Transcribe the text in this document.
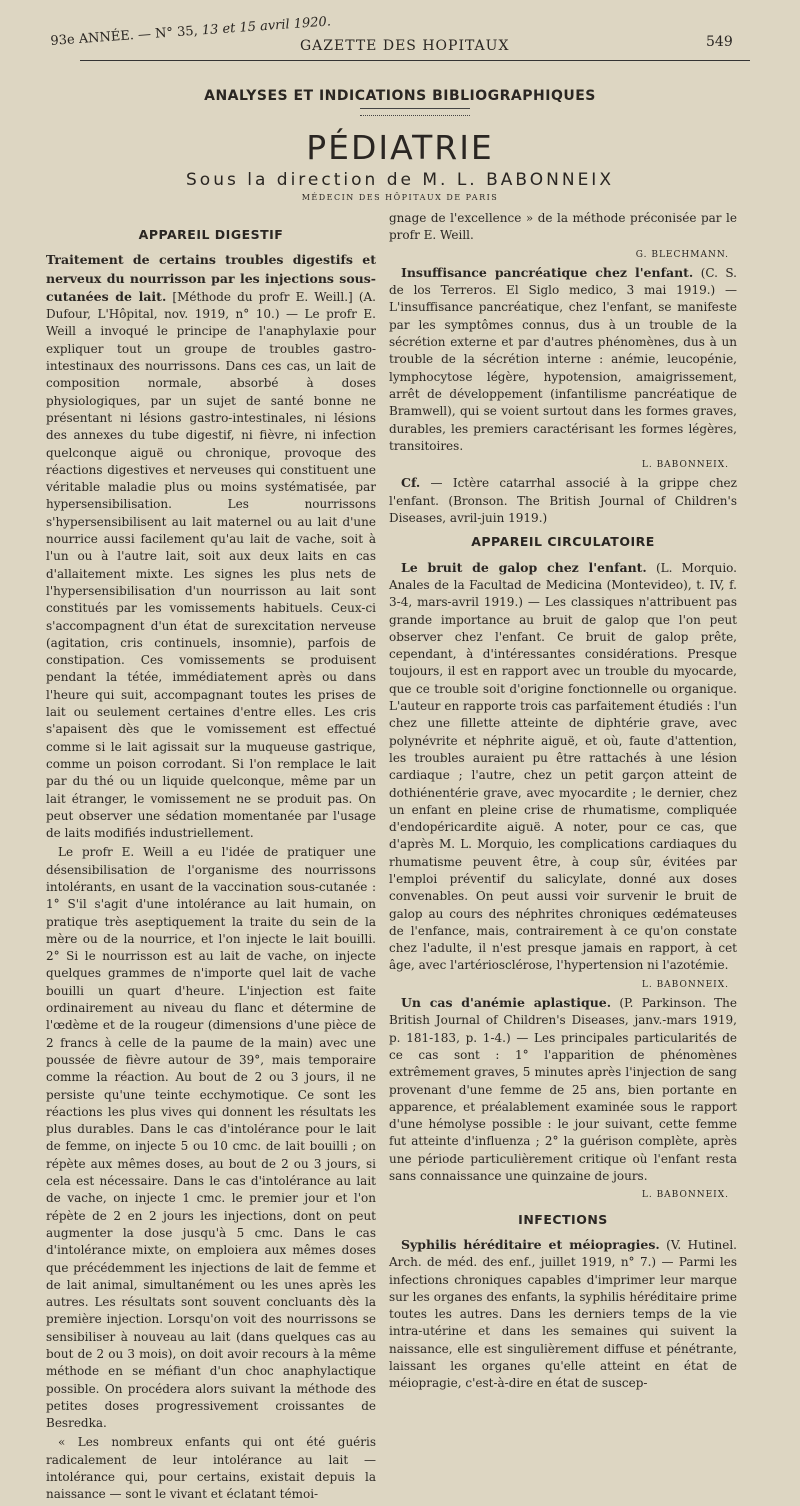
93e ANNÉE. — N° 35, 13 et 15 avril 1920.
GAZETTE DES HOPITAUX	549
ANALYSES ET INDICATIONS BIBLIOGRAPHIQUES
PÉDIATRIE
Sous la direction de M. L. BABONNEIX
MÉDECIN DES HÔPITAUX DE PARIS
APPAREIL DIGESTIF

Traitement de certains troubles digestifs et nerveux du nourrisson par les injections sous-cutanées de lait. [Méthode du profr E. Weill.] (A. Dufour, L'Hôpital, nov. 1919, n° 10.) — Le profr E. Weill a invoqué le principe de l'anaphylaxie pour expliquer tout un groupe de troubles gastro-intestinaux des nourrissons. Dans ces cas, un lait de composition normale, absorbé à doses physiologiques, par un sujet de santé bonne ne présentant ni lésions gastro-intestinales, ni lésions des annexes du tube digestif, ni fièvre, ni infection quelconque aiguë ou chronique, provoque des réactions digestives et nerveuses qui constituent une véritable maladie plus ou moins systématisée, par hypersensibilisation. Les nourrissons s'hypersensibilisent au lait maternel ou au lait d'une nourrice aussi facilement qu'au lait de vache, soit à l'un ou à l'autre lait, soit aux deux laits en cas d'allaitement mixte. Les signes les plus nets de l'hypersensibilisation d'un nourrisson au lait sont constitués par les vomissements habituels. Ceux-ci s'accompagnent d'un état de surexcitation nerveuse (agitation, cris continuels, insomnie), parfois de constipation. Ces vomissements se produisent pendant la tétée, immédiatement après ou dans l'heure qui suit, accompagnant toutes les prises de lait ou seulement certaines d'entre elles. Les cris s'apaisent dès que le vomissement est effectué comme si le lait agissait sur la muqueuse gastrique, comme un poison corrodant. Si l'on remplace le lait par du thé ou un liquide quelconque, même par un lait étranger, le vomissement ne se produit pas. On peut observer une sédation momentanée par l'usage de laits modifiés industriellement.

Le profr E. Weill a eu l'idée de pratiquer une désensibilisation de l'organisme des nourrissons intolérants, en usant de la vaccination sous-cutanée : 1° S'il s'agit d'une intolérance au lait humain, on pratique très aseptiquement la traite du sein de la mère ou de la nourrice, et l'on injecte le lait bouilli. 2° Si le nourrisson est au lait de vache, on injecte quelques grammes de n'importe quel lait de vache bouilli un quart d'heure. L'injection est faite ordinairement au niveau du flanc et détermine de l'œdème et de la rougeur (dimensions d'une pièce de 2 francs à celle de la paume de la main) avec une poussée de fièvre autour de 39°, mais temporaire comme la réaction. Au bout de 2 ou 3 jours, il ne persiste qu'une teinte ecchymotique. Ce sont les réactions les plus vives qui donnent les résultats les plus durables. Dans le cas d'intolérance pour le lait de femme, on injecte 5 ou 10 cmc. de lait bouilli ; on répète aux mêmes doses, au bout de 2 ou 3 jours, si cela est nécessaire. Dans le cas d'intolérance au lait de vache, on injecte 1 cmc. le premier jour et l'on répète de 2 en 2 jours les injections, dont on peut augmenter la dose jusqu'à 5 cmc. Dans le cas d'intolérance mixte, on emploiera aux mêmes doses que précédemment les injections de lait de femme et de lait animal, simultanément ou les unes après les autres. Les résultats sont souvent concluants dès la première injection. Lorsqu'on voit des nourrissons se sensibiliser à nouveau au lait (dans quelques cas au bout de 2 ou 3 mois), on doit avoir recours à la même méthode en se méfiant d'un choc anaphylactique possible. On procédera alors suivant la méthode des petites doses progressivement croissantes de Besredka.

« Les nombreux enfants qui ont été guéris radicalement de leur intolérance au lait — intolérance qui, pour certains, existait depuis la naissance — sont le vivant et éclatant témoi-

gnage de l'excellence » de la méthode préconisée par le profr E. Weill.

G. BLECHMANN.

Insuffisance pancréatique chez l'enfant. (C. S. de los Terreros. El Siglo medico, 3 mai 1919.) — L'insuffisance pancréatique, chez l'enfant, se manifeste par les symptômes connus, dus à un trouble de la sécrétion externe et par d'autres phénomènes, dus à un trouble de la sécrétion interne : anémie, leucopénie, lymphocytose légère, hypotension, amaigrissement, arrêt de développement (infantilisme pancréatique de Bramwell), qui se voient surtout dans les formes graves, durables, les premiers caractérisant les formes légères, transitoires.

L. BABONNEIX.

Cf. — Ictère catarrhal associé à la grippe chez l'enfant. (Bronson. The British Journal of Children's Diseases, avril-juin 1919.)

APPAREIL CIRCULATOIRE

Le bruit de galop chez l'enfant. (L. Morquio. Anales de la Facultad de Medicina (Montevideo), t. IV, f. 3-4, mars-avril 1919.) — Les classiques n'attribuent pas grande importance au bruit de galop que l'on peut observer chez l'enfant. Ce bruit de galop prête, cependant, à d'intéressantes considérations. Presque toujours, il est en rapport avec un trouble du myocarde, que ce trouble soit d'origine fonctionnelle ou organique. L'auteur en rapporte trois cas parfaitement étudiés : l'un chez une fillette atteinte de diphtérie grave, avec polynévrite et néphrite aiguë, et où, faute d'attention, les troubles auraient pu être rattachés à une lésion cardiaque ; l'autre, chez un petit garçon atteint de dothiénentérie grave, avec myocardite ; le dernier, chez un enfant en pleine crise de rhumatisme, compliquée d'endopéricardite aiguë. A noter, pour ce cas, que d'après M. L. Morquio, les complications cardiaques du rhumatisme peuvent être, à coup sûr, évitées par l'emploi préventif du salicylate, donné aux doses convenables. On peut aussi voir survenir le bruit de galop au cours des néphrites chroniques œdémateuses de l'enfance, mais, contrairement à ce qu'on constate chez l'adulte, il n'est presque jamais en rapport, à cet âge, avec l'artériosclérose, l'hypertension ni l'azotémie.

L. BABONNEIX.

Un cas d'anémie aplastique. (P. Parkinson. The British Journal of Children's Diseases, janv.-mars 1919, p. 181-183, p. 1-4.) — Les principales particularités de ce cas sont : 1° l'apparition de phénomènes extrêmement graves, 5 minutes après l'injection de sang provenant d'une femme de 25 ans, bien portante en apparence, et préalablement examinée sous le rapport d'une hémolyse possible : le jour suivant, cette femme fut atteinte d'influenza ; 2° la guérison complète, après une période particulièrement critique où l'enfant resta sans connaissance une quinzaine de jours.

L. BABONNEIX.
INFECTIONS

Syphilis héréditaire et méiopragies. (V. Hutinel. Arch. de méd. des enf., juillet 1919, n° 7.) — Parmi les infections chroniques capables d'imprimer leur marque sur les organes des enfants, la syphilis héréditaire prime toutes les autres. Dans les derniers temps de la vie intra-utérine et dans les semaines qui suivent la naissance, elle est singulièrement diffuse et pénétrante, laissant les organes qu'elle atteint en état de méiopragie, c'est-à-dire en état de suscep-
